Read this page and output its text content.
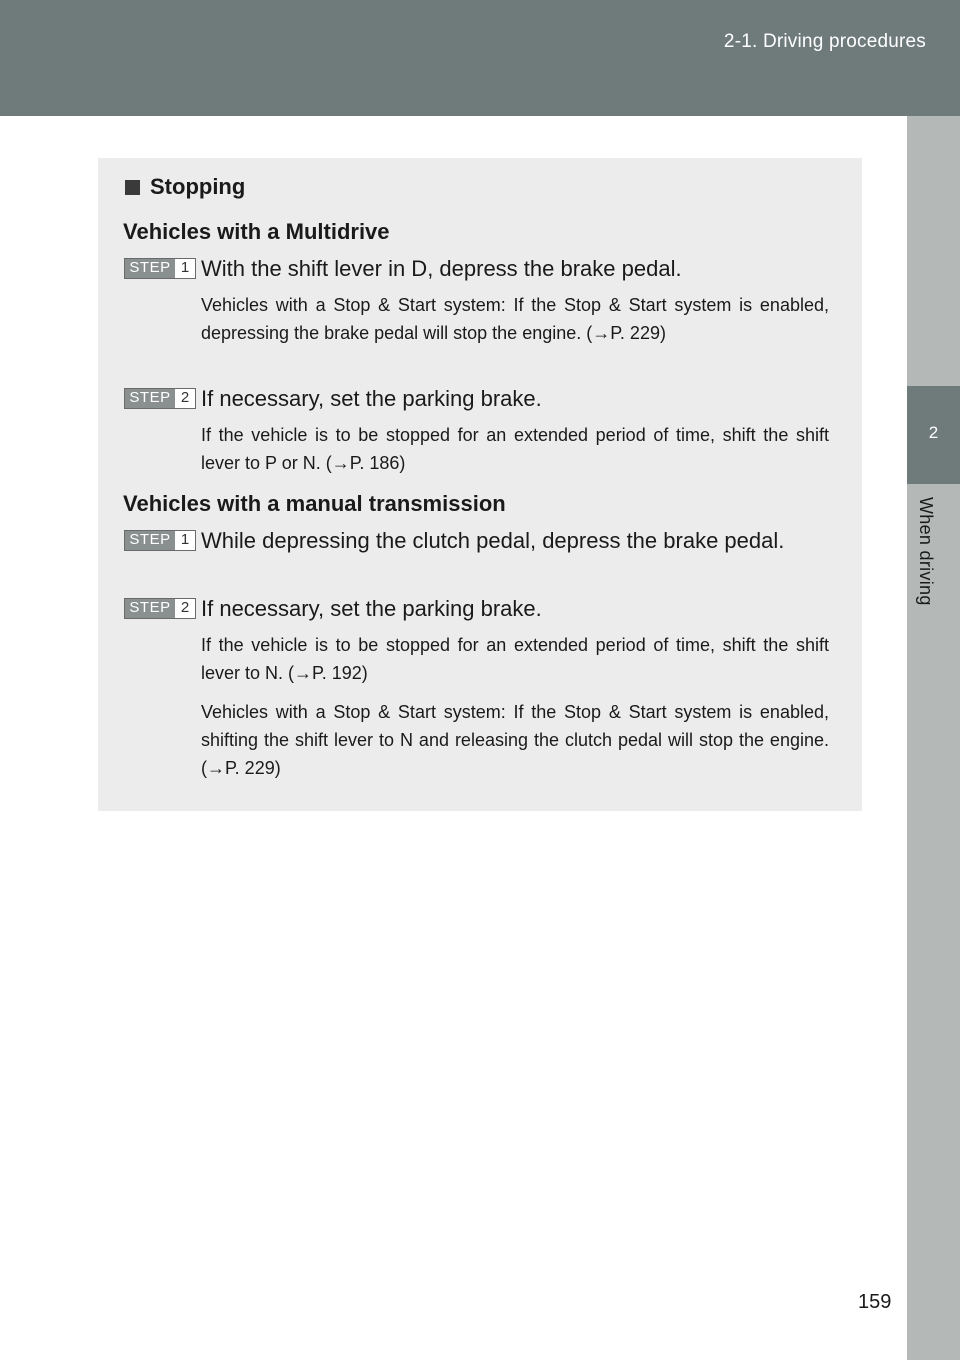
2-1. Driving procedures
2
When driving
Stopping
Vehicles with a Multidrive
STEP 1 With the shift lever in D, depress the brake pedal.
Vehicles with a Stop & Start system: If the Stop & Start system is enabled, depressing the brake pedal will stop the engine. (→P. 229)
STEP 2 If necessary, set the parking brake.
If the vehicle is to be stopped for an extended period of time, shift the shift lever to P or N. (→P. 186)
Vehicles with a manual transmission
STEP 1 While depressing the clutch pedal, depress the brake pedal.
STEP 2 If necessary, set the parking brake.
If the vehicle is to be stopped for an extended period of time, shift the shift lever to N. (→P. 192)
Vehicles with a Stop & Start system: If the Stop & Start system is enabled, shifting the shift lever to N and releasing the clutch pedal will stop the engine. (→P. 229)
159
